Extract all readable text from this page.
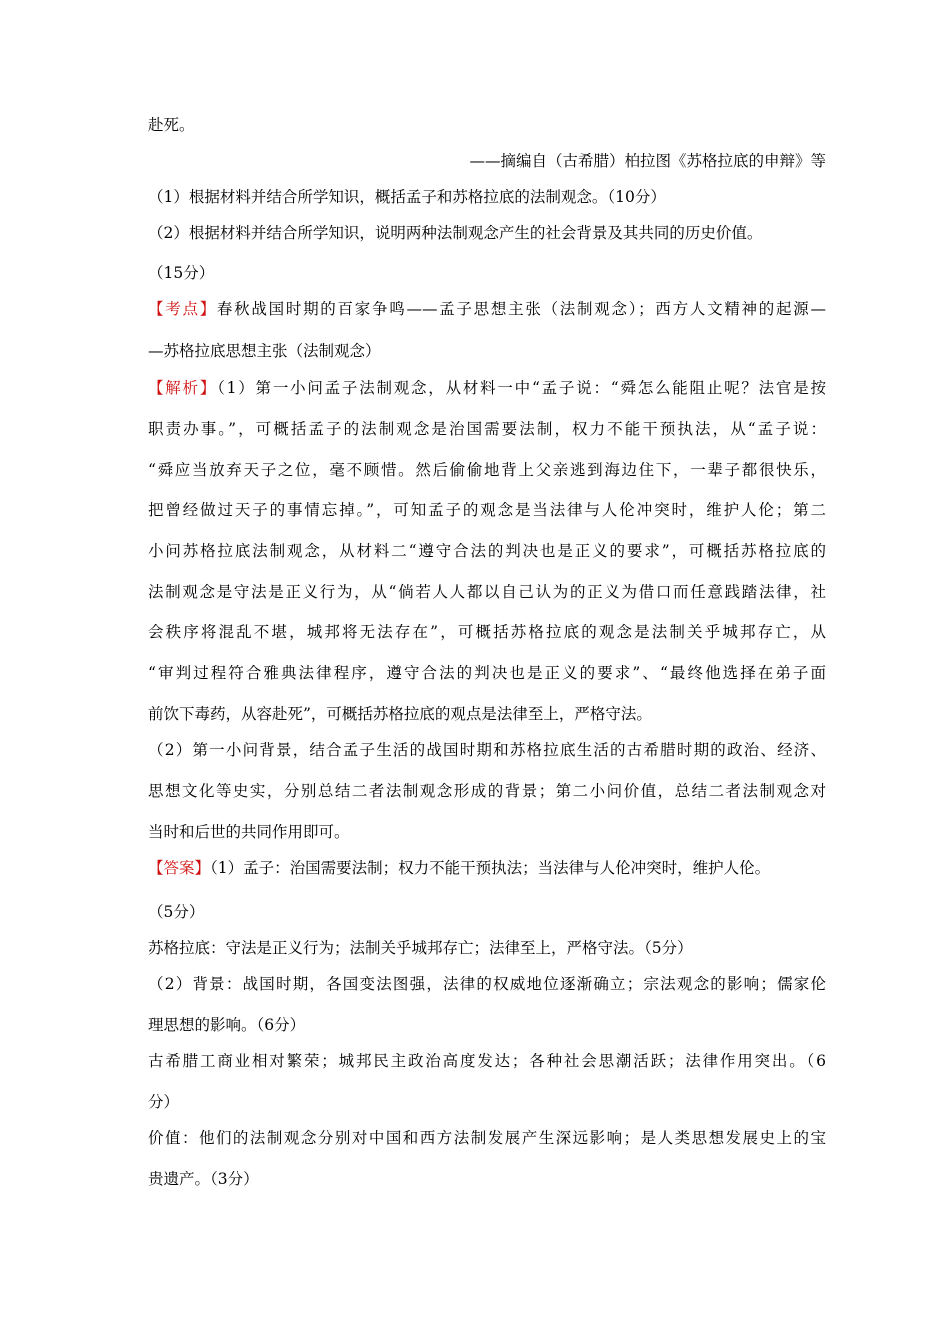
赴死。
——摘编自（古希腊）柏拉图《苏格拉底的申辩》等
（1）根据材料并结合所学知识，概括孟子和苏格拉底的法制观念。（10分）
（2）根据材料并结合所学知识，说明两种法制观念产生的社会背景及其共同的历史价值。
（15分）
【考点】春秋战国时期的百家争鸣——孟子思想主张（法制观念）；西方人文精神的起源—
—苏格拉底思想主张（法制观念）
【解析】（1）第一小问孟子法制观念，从材料一中“孟子说：“舜怎么能阻止呢？法官是按
职责办事。”，可概括孟子的法制观念是治国需要法制，权力不能干预执法，从“孟子说：
“舜应当放弃天子之位，毫不顾惜。然后偷偷地背上父亲逃到海边住下，一辈子都很快乐，
把曾经做过天子的事情忘掉。”，可知孟子的观念是当法律与人伦冲突时，维护人伦；第二
小问苏格拉底法制观念，从材料二“遵守合法的判决也是正义的要求”，可概括苏格拉底的
法制观念是守法是正义行为，从“倘若人人都以自己认为的正义为借口而任意践踏法律，社
会秩序将混乱不堪，城邦将无法存在”，可概括苏格拉底的观念是法制关乎城邦存亡，从
“审判过程符合雅典法律程序，遵守合法的判决也是正义的要求”、“最终他选择在弟子面
前饮下毒药，从容赴死”，可概括苏格拉底的观点是法律至上，严格守法。
（2）第一小问背景，结合孟子生活的战国时期和苏格拉底生活的古希腊时期的政治、经济、
思想文化等史实，分别总结二者法制观念形成的背景；第二小问价值，总结二者法制观念对
当时和后世的共同作用即可。
【答案】（1）孟子：治国需要法制；权力不能干预执法；当法律与人伦冲突时，维护人伦。
（5分）
苏格拉底：守法是正义行为；法制关乎城邦存亡；法律至上，严格守法。（5分）
（2）背景：战国时期，各国变法图强，法律的权威地位逐渐确立；宗法观念的影响；儒家伦
理思想的影响。（6分）
古希腊工商业相对繁荣；城邦民主政治高度发达；各种社会思潮活跃；法律作用突出。（6
分）
价值：他们的法制观念分别对中国和西方法制发展产生深远影响；是人类思想发展史上的宝
贵遗产。（3分）
